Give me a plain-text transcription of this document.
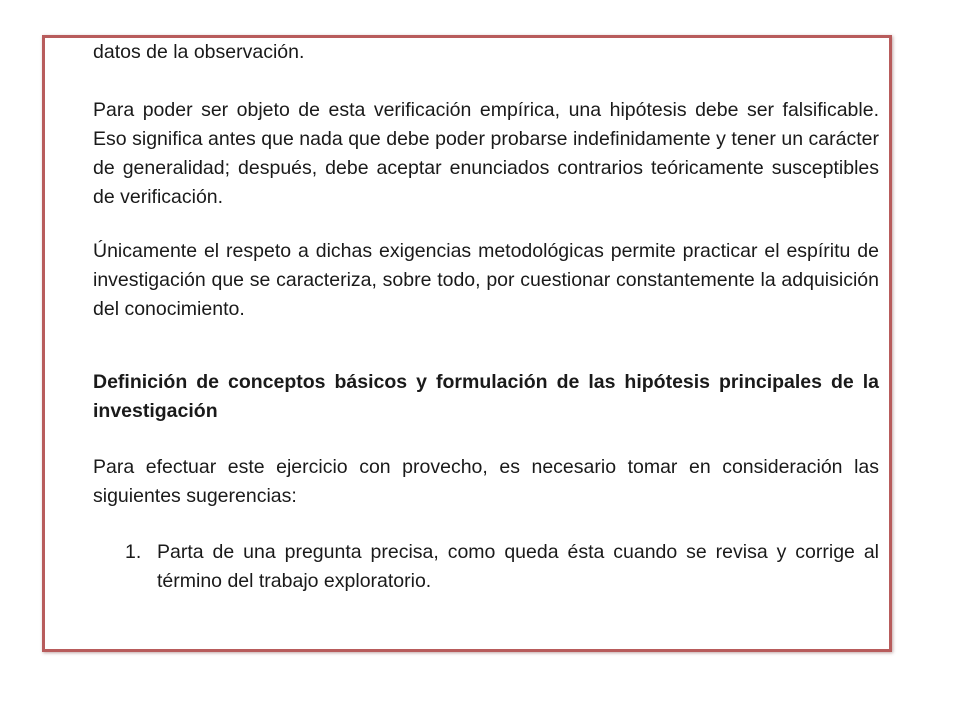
datos de la observación.

Para poder ser objeto de esta verificación empírica, una hipótesis debe ser falsificable. Eso significa antes que nada que debe poder probarse indefinidamente y tener un carácter de generalidad; después, debe aceptar enunciados contrarios teóricamente susceptibles de verificación.

Únicamente el respeto a dichas exigencias metodológicas permite practicar el espíritu de investigación que se caracteriza, sobre todo, por cuestionar constantemente la adquisición del conocimiento.

Definición de conceptos básicos y formulación de las hipótesis principales de la investigación

Para efectuar este ejercicio con provecho, es necesario tomar en consideración las siguientes sugerencias:

1. Parta de una pregunta precisa, como queda ésta cuando se revisa y corrige al término del trabajo exploratorio.
